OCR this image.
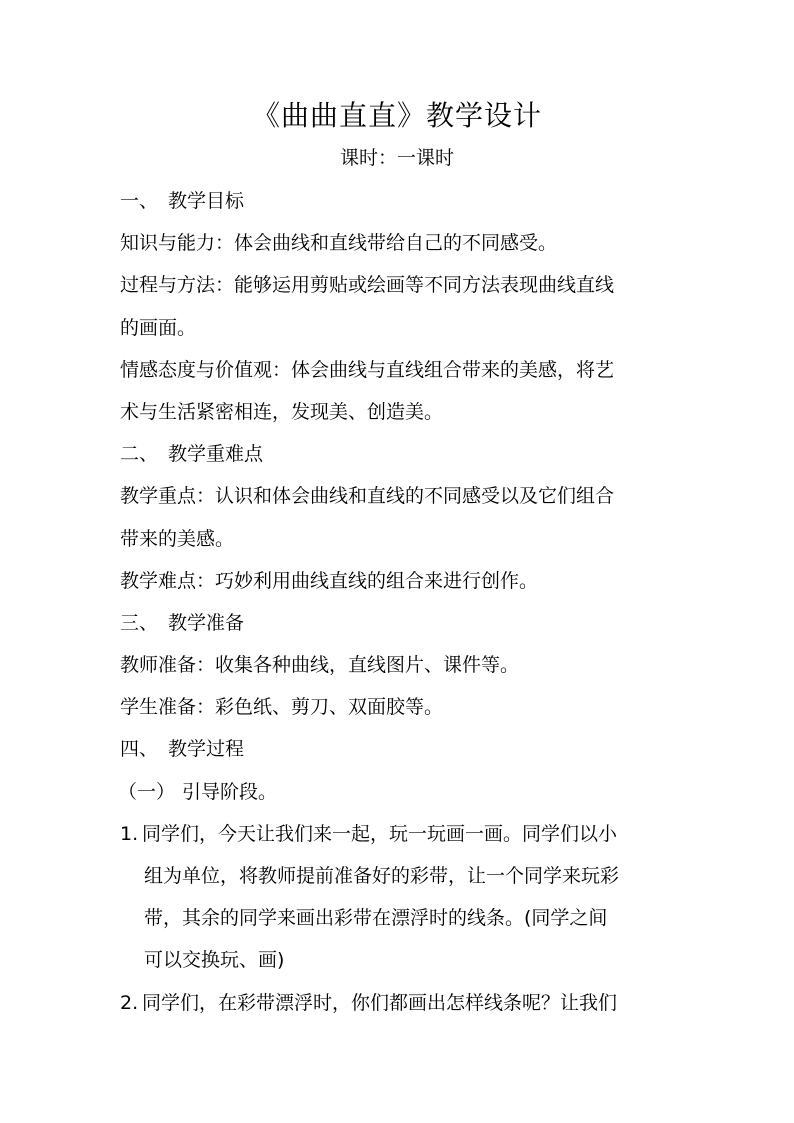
《曲曲直直》教学设计
课时：一课时
一、 教学目标
知识与能力：体会曲线和直线带给自己的不同感受。
过程与方法：能够运用剪贴或绘画等不同方法表现曲线直线
的画面。
情感态度与价值观：体会曲线与直线组合带来的美感，将艺
术与生活紧密相连，发现美、创造美。
二、 教学重难点
教学重点：认识和体会曲线和直线的不同感受以及它们组合
带来的美感。
教学难点：巧妙利用曲线直线的组合来进行创作。
三、 教学准备
教师准备：收集各种曲线，直线图片、课件等。
学生准备：彩色纸、剪刀、双面胶等。
四、 教学过程
（一） 引导阶段。
1. 同学们，今天让我们来一起，玩一玩画一画。同学们以小
组为单位，将教师提前准备好的彩带，让一个同学来玩彩
带，其余的同学来画出彩带在漂浮时的线条。(同学之间
可以交换玩、画)
2. 同学们，在彩带漂浮时，你们都画出怎样线条呢？让我们
